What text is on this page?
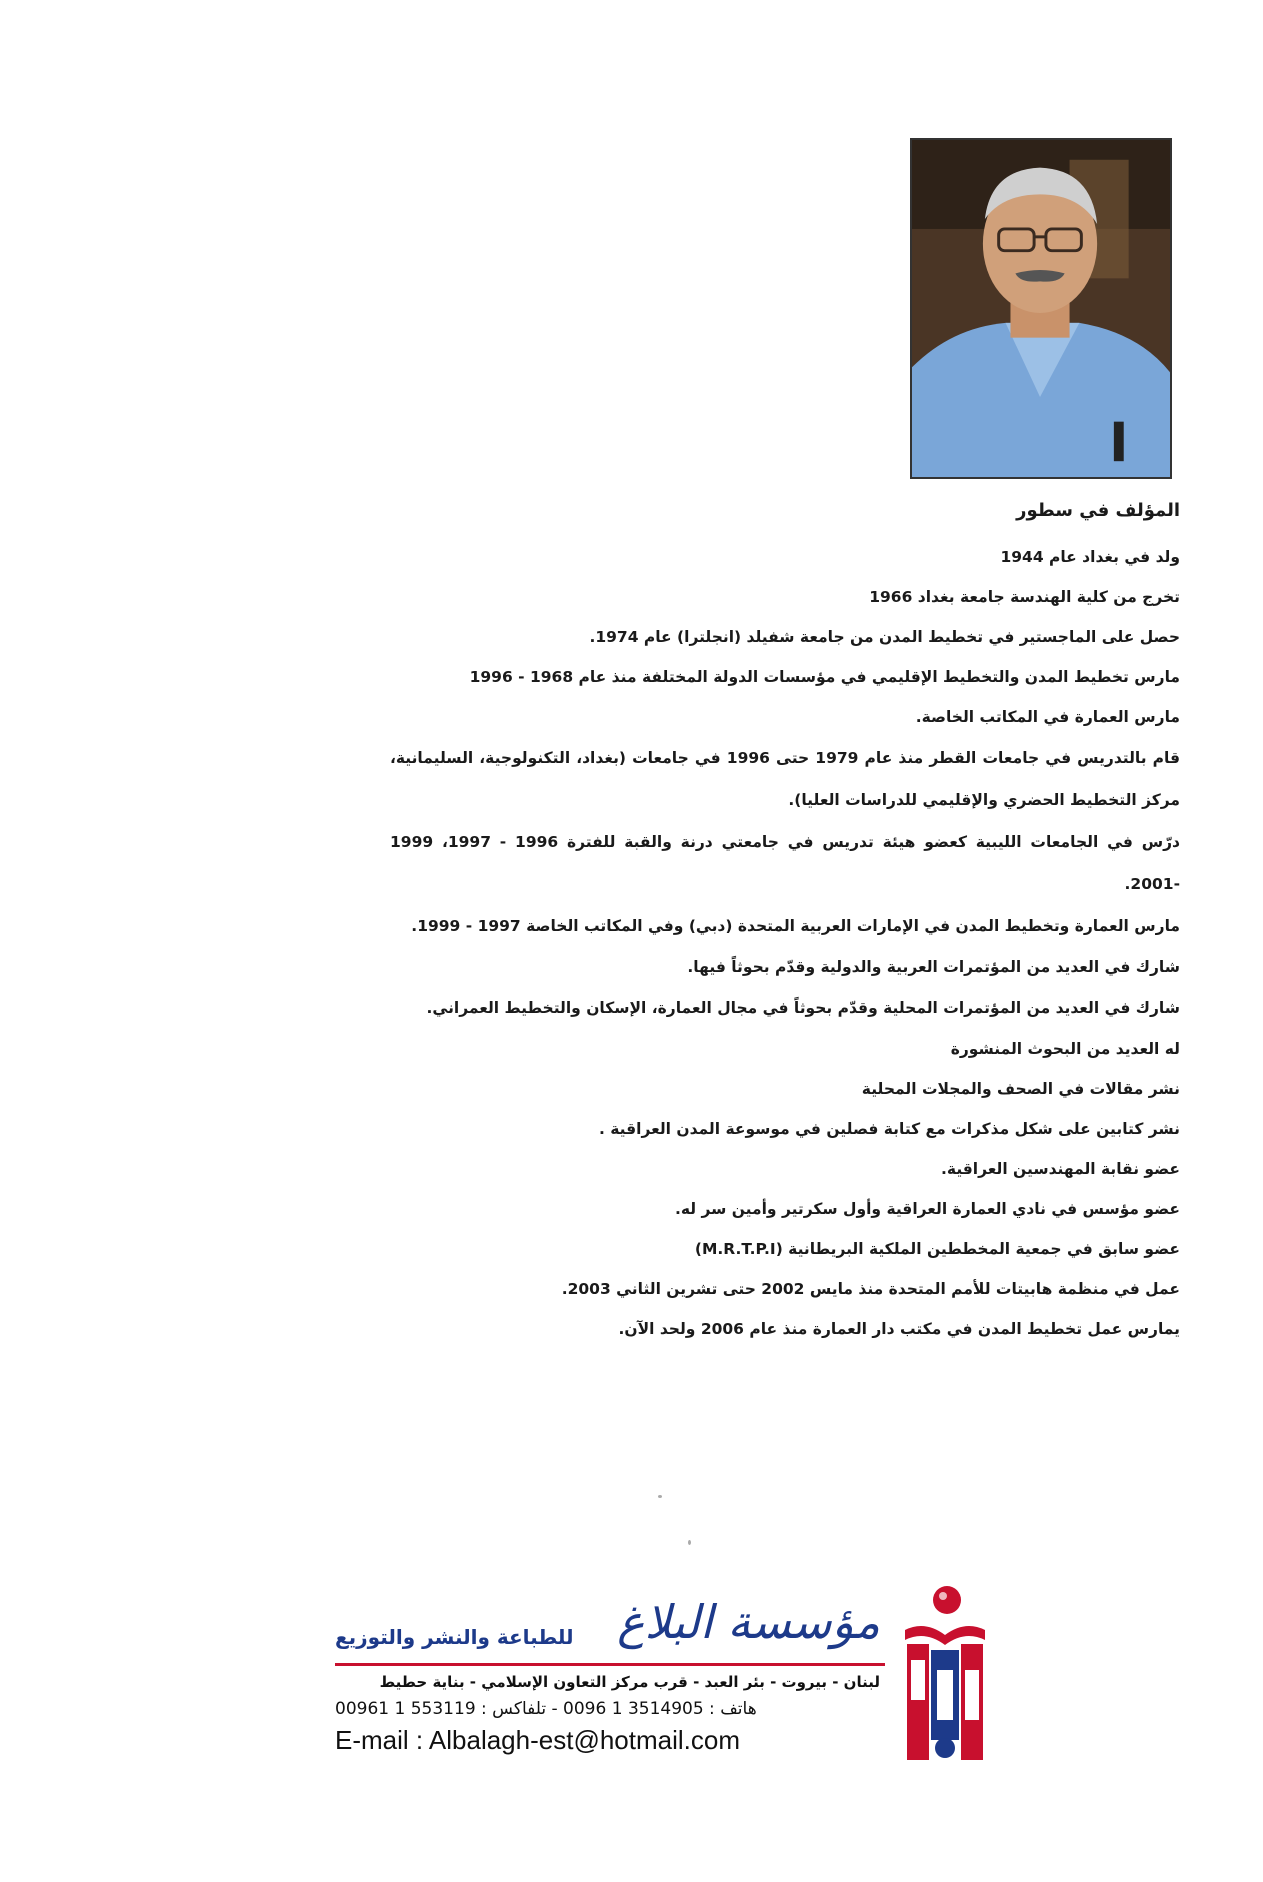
المؤلف في سطور

ولد في بغداد عام 1944

تخرج من كلية الهندسة جامعة بغداد 1966

حصل على الماجستير في تخطيط المدن من جامعة شفيلد (انجلترا) عام 1974.

مارس تخطيط المدن والتخطيط الإقليمي في مؤسسات الدولة المختلفة منذ عام 1968 - 1996

مارس العمارة في المكاتب الخاصة.

قام بالتدريس في جامعات القطر منذ عام 1979 حتى 1996 في جامعات (بغداد، التكنولوجية، السليمانية، مركز التخطيط الحضري والإقليمي للدراسات العليا).

درّس في الجامعات الليبية كعضو هيئة تدريس في جامعتي درنة والقبة للفترة 1996 - 1997، 1999 -2001.

مارس العمارة وتخطيط المدن في الإمارات العربية المتحدة (دبي) وفي المكاتب الخاصة 1997 - 1999.

شارك في العديد من المؤتمرات العربية والدولية وقدّم بحوثاً فيها.

شارك في العديد من المؤتمرات المحلية وقدّم بحوثاً في مجال العمارة، الإسكان والتخطيط العمراني.

له العديد من البحوث المنشورة

نشر مقالات في الصحف والمجلات المحلية

نشر كتابين على شكل مذكرات مع كتابة فصلين في موسوعة المدن العراقية .

عضو نقابة المهندسين العراقية.

عضو مؤسس في نادي العمارة العراقية وأول سكرتير وأمين سر له.

عضو سابق في جمعية المخططين الملكية البريطانية (M.R.T.P.I)

عمل في منظمة هابيتات للأمم المتحدة منذ مايس 2002 حتى تشرين الثاني 2003.

يمارس عمل تخطيط المدن في مكتب دار العمارة منذ عام 2006 ولحد الآن.

مؤسسة البلاغ
للطباعة والنشر والتوزيع
لبنان - بيروت - بئر العبد - قرب مركز التعاون الإسلامي - بناية حطيط
هاتف : 3514905 1 0096 - تلفاكس : 553119 1 00961
E-mail : Albalagh-est@hotmail.com
